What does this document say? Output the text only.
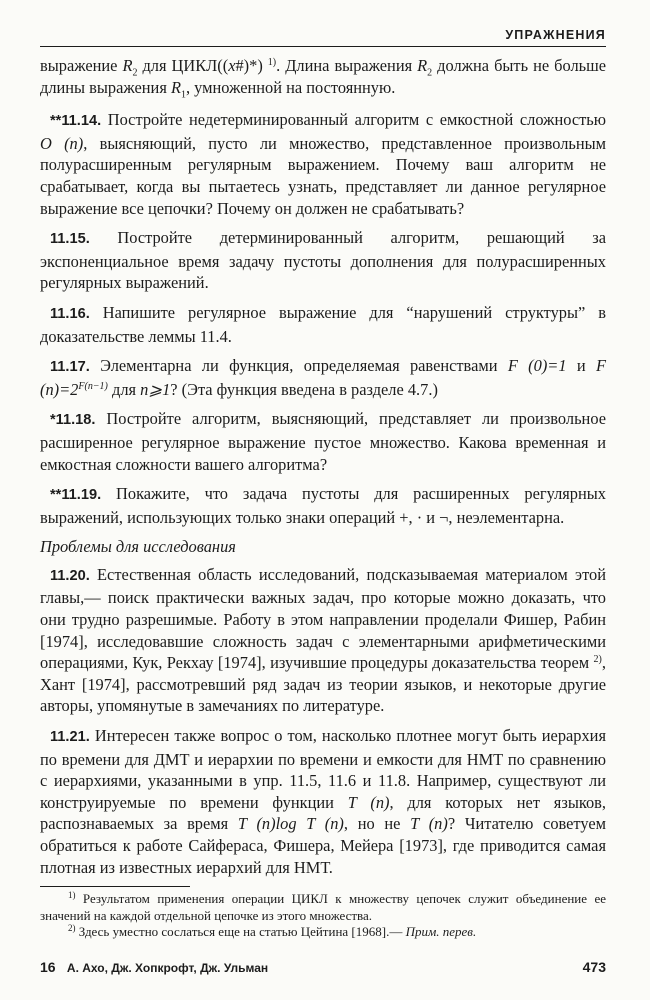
УПРАЖНЕНИЯ

выражение $R_2$ для ЦИКЛ((x#)*) $^{1)}$. Длина выражения $R_2$ должна быть не больше длины выражения $R_1$, умноженной на постоянную.

**11.14. Постройте недетерминированный алгоритм с емкостной сложностью O (n), выясняющий, пусто ли множество, представленное произвольным полурасширенным регулярным выражением. Почему ваш алгоритм не срабатывает, когда вы пытаетесь узнать, представляет ли данное регулярное выражение все цепочки? Почему он должен не срабатывать?

11.15. Постройте детерминированный алгоритм, решающий за экспоненциальное время задачу пустоты дополнения для полурасширенных регулярных выражений.

11.16. Напишите регулярное выражение для “нарушений структуры” в доказательстве леммы 11.4.

11.17. Элементарна ли функция, определяемая равенствами F (0)=1 и F $(n)=2^{F(n-1)}$ для n⩾1? (Эта функция введена в разделе 4.7.)

*11.18. Постройте алгоритм, выясняющий, представляет ли произвольное расширенное регулярное выражение пустое множество. Какова временная и емкостная сложности вашего алгоритма?

**11.19. Покажите, что задача пустоты для расширенных регулярных выражений, использующих только знаки операций +, · и ¬, неэлементарна.

Проблемы для исследования

11.20. Естественная область исследований, подсказываемая материалом этой главы,— поиск практически важных задач, про которые можно доказать, что они трудно разрешимые. Работу в этом направлении проделали Фишер, Рабин [1974], исследовавшие сложность задач с элементарными арифметическими операциями, Кук, Рекхау [1974], изучившие процедуры доказательства теорем $^{2)}$, Хант [1974], рассмотревший ряд задач из теории языков, и некоторые другие авторы, упомянутые в замечаниях по литературе.

11.21. Интересен также вопрос о том, насколько плотнее могут быть иерархия по времени для ДМТ и иерархии по времени и емкости для НМТ по сравнению с иерархиями, указанными в упр. 11.5, 11.6 и 11.8. Например, существуют ли конструируемые по времени функции T (n), для которых нет языков, распознаваемых за время T (n)log T (n), но не T (n)? Читателю советуем обратиться к работе Сайфераса, Фишера, Мейера [1973], где приводится самая плотная из известных иерархий для НМТ.

$^{1)}$ Результатом применения операции ЦИКЛ к множеству цепочек служит объединение ее значений на каждой отдельной цепочке из этого множества.

$^{2)}$ Здесь уместно сослаться еще на статью Цейтина [1968].— Прим. перев.

16 А. Ахо, Дж. Хопкрофт, Дж. Ульман	473
